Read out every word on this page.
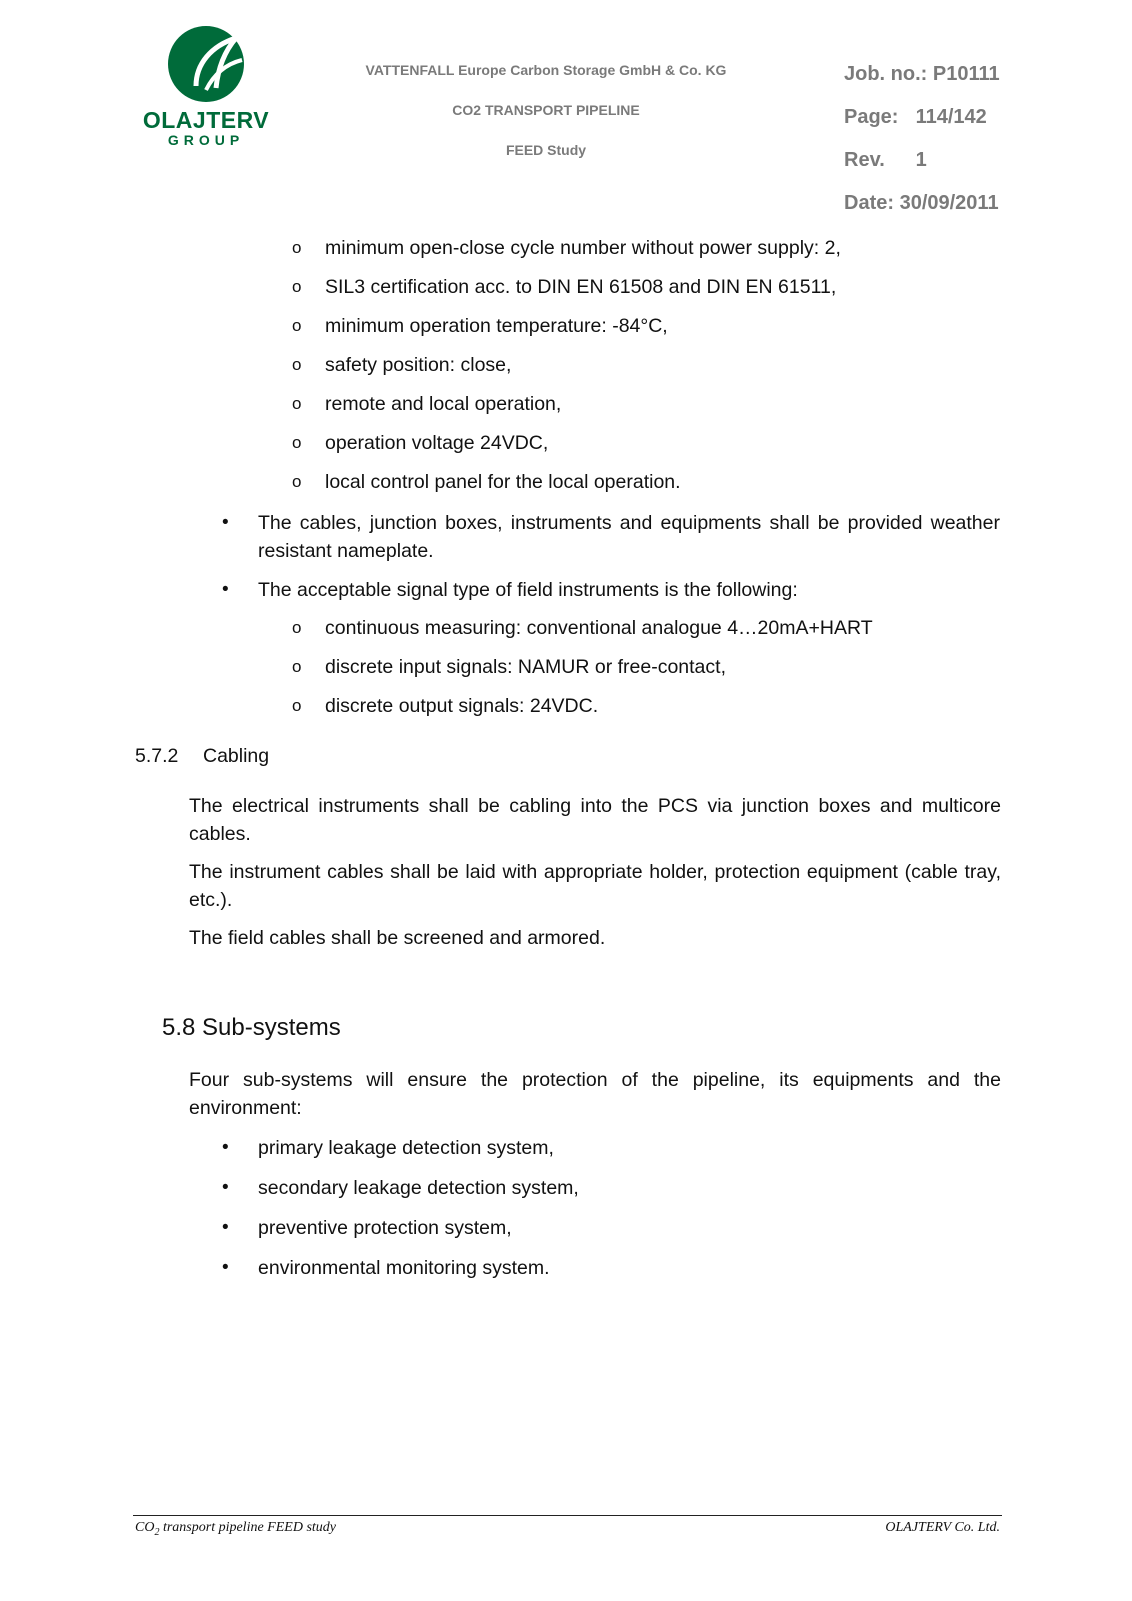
OLAJTERV
GROUP
VATTENFALL Europe Carbon Storage GmbH & Co. KG
CO2 TRANSPORT PIPELINE
FEED Study
Job. no.: P10111
Page: 114/142
Rev. 1
Date: 30/09/2011
o minimum open-close cycle number without power supply: 2,
o SIL3 certification acc. to DIN EN 61508 and DIN EN 61511,
o minimum operation temperature: -84°C,
o safety position: close,
o remote and local operation,
o operation voltage 24VDC,
o local control panel for the local operation.
• The cables, junction boxes, instruments and equipments shall be provided weather resistant nameplate.
• The acceptable signal type of field instruments is the following:
o continuous measuring: conventional analogue 4…20mA+HART
o discrete input signals: NAMUR or free-contact,
o discrete output signals: 24VDC.
5.7.2 Cabling
The electrical instruments shall be cabling into the PCS via junction boxes and multicore cables.
The instrument cables shall be laid with appropriate holder, protection equipment (cable tray, etc.).
The field cables shall be screened and armored.
5.8 Sub-systems
Four sub-systems will ensure the protection of the pipeline, its equipments and the environment:
• primary leakage detection system,
• secondary leakage detection system,
• preventive protection system,
• environmental monitoring system.
$CO_2$ transport pipeline FEED study	OLAJTERV Co. Ltd.
